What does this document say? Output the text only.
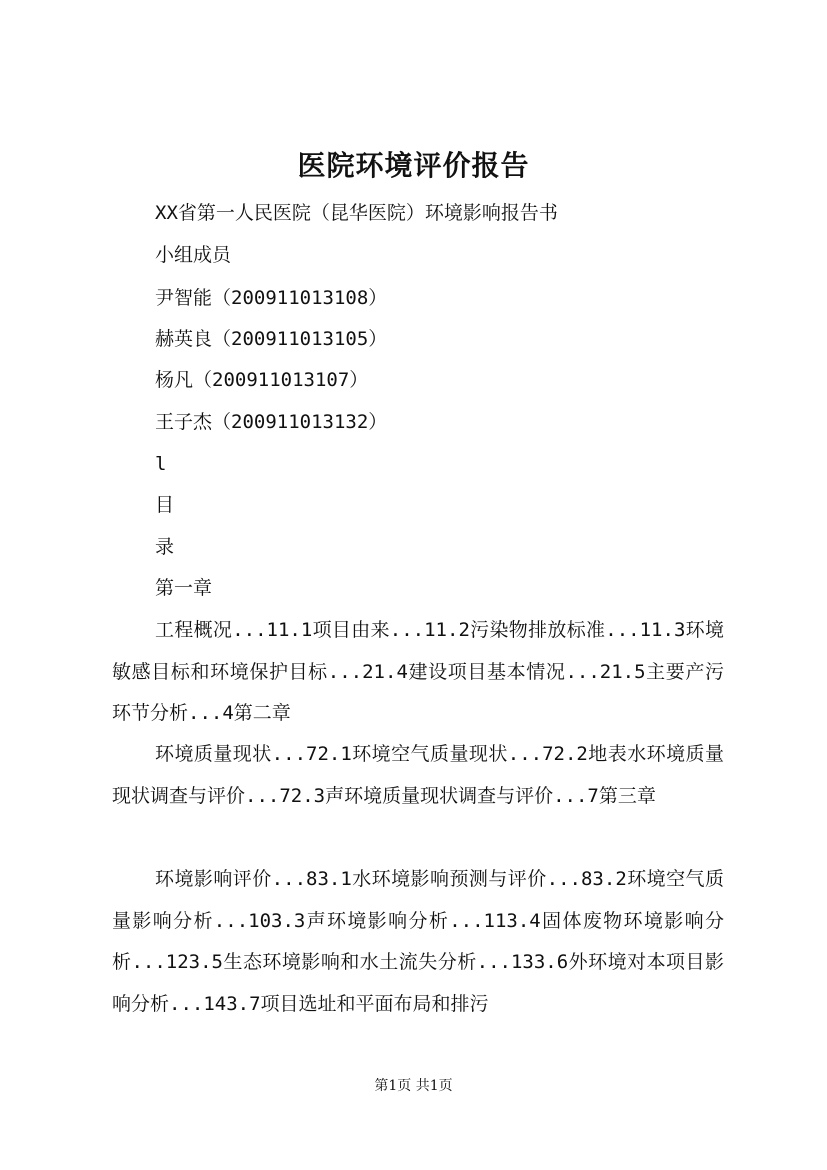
医院环境评价报告
XX省第一人民医院（昆华医院）环境影响报告书
小组成员
尹智能（200911013108）
赫英良（200911013105）
杨凡（200911013107）
王子杰（200911013132）
l
目
录
第一章

工程概况...11.1项目由来...11.2污染物排放标准...11.3环境敏感目标和环境保护目标...21.4建设项目基本情况...21.5主要产污环节分析...4第二章

环境质量现状...72.1环境空气质量现状...72.2地表水环境质量现状调查与评价...72.3声环境质量现状调查与评价...7第三章

环境影响评价...83.1水环境影响预测与评价...83.2环境空气质量影响分析...103.3声环境影响分析...113.4固体废物环境影响分析...123.5生态环境影响和水土流失分析...133.6外环境对本项目影响分析...143.7项目选址和平面布局和排污

第1页 共1页
